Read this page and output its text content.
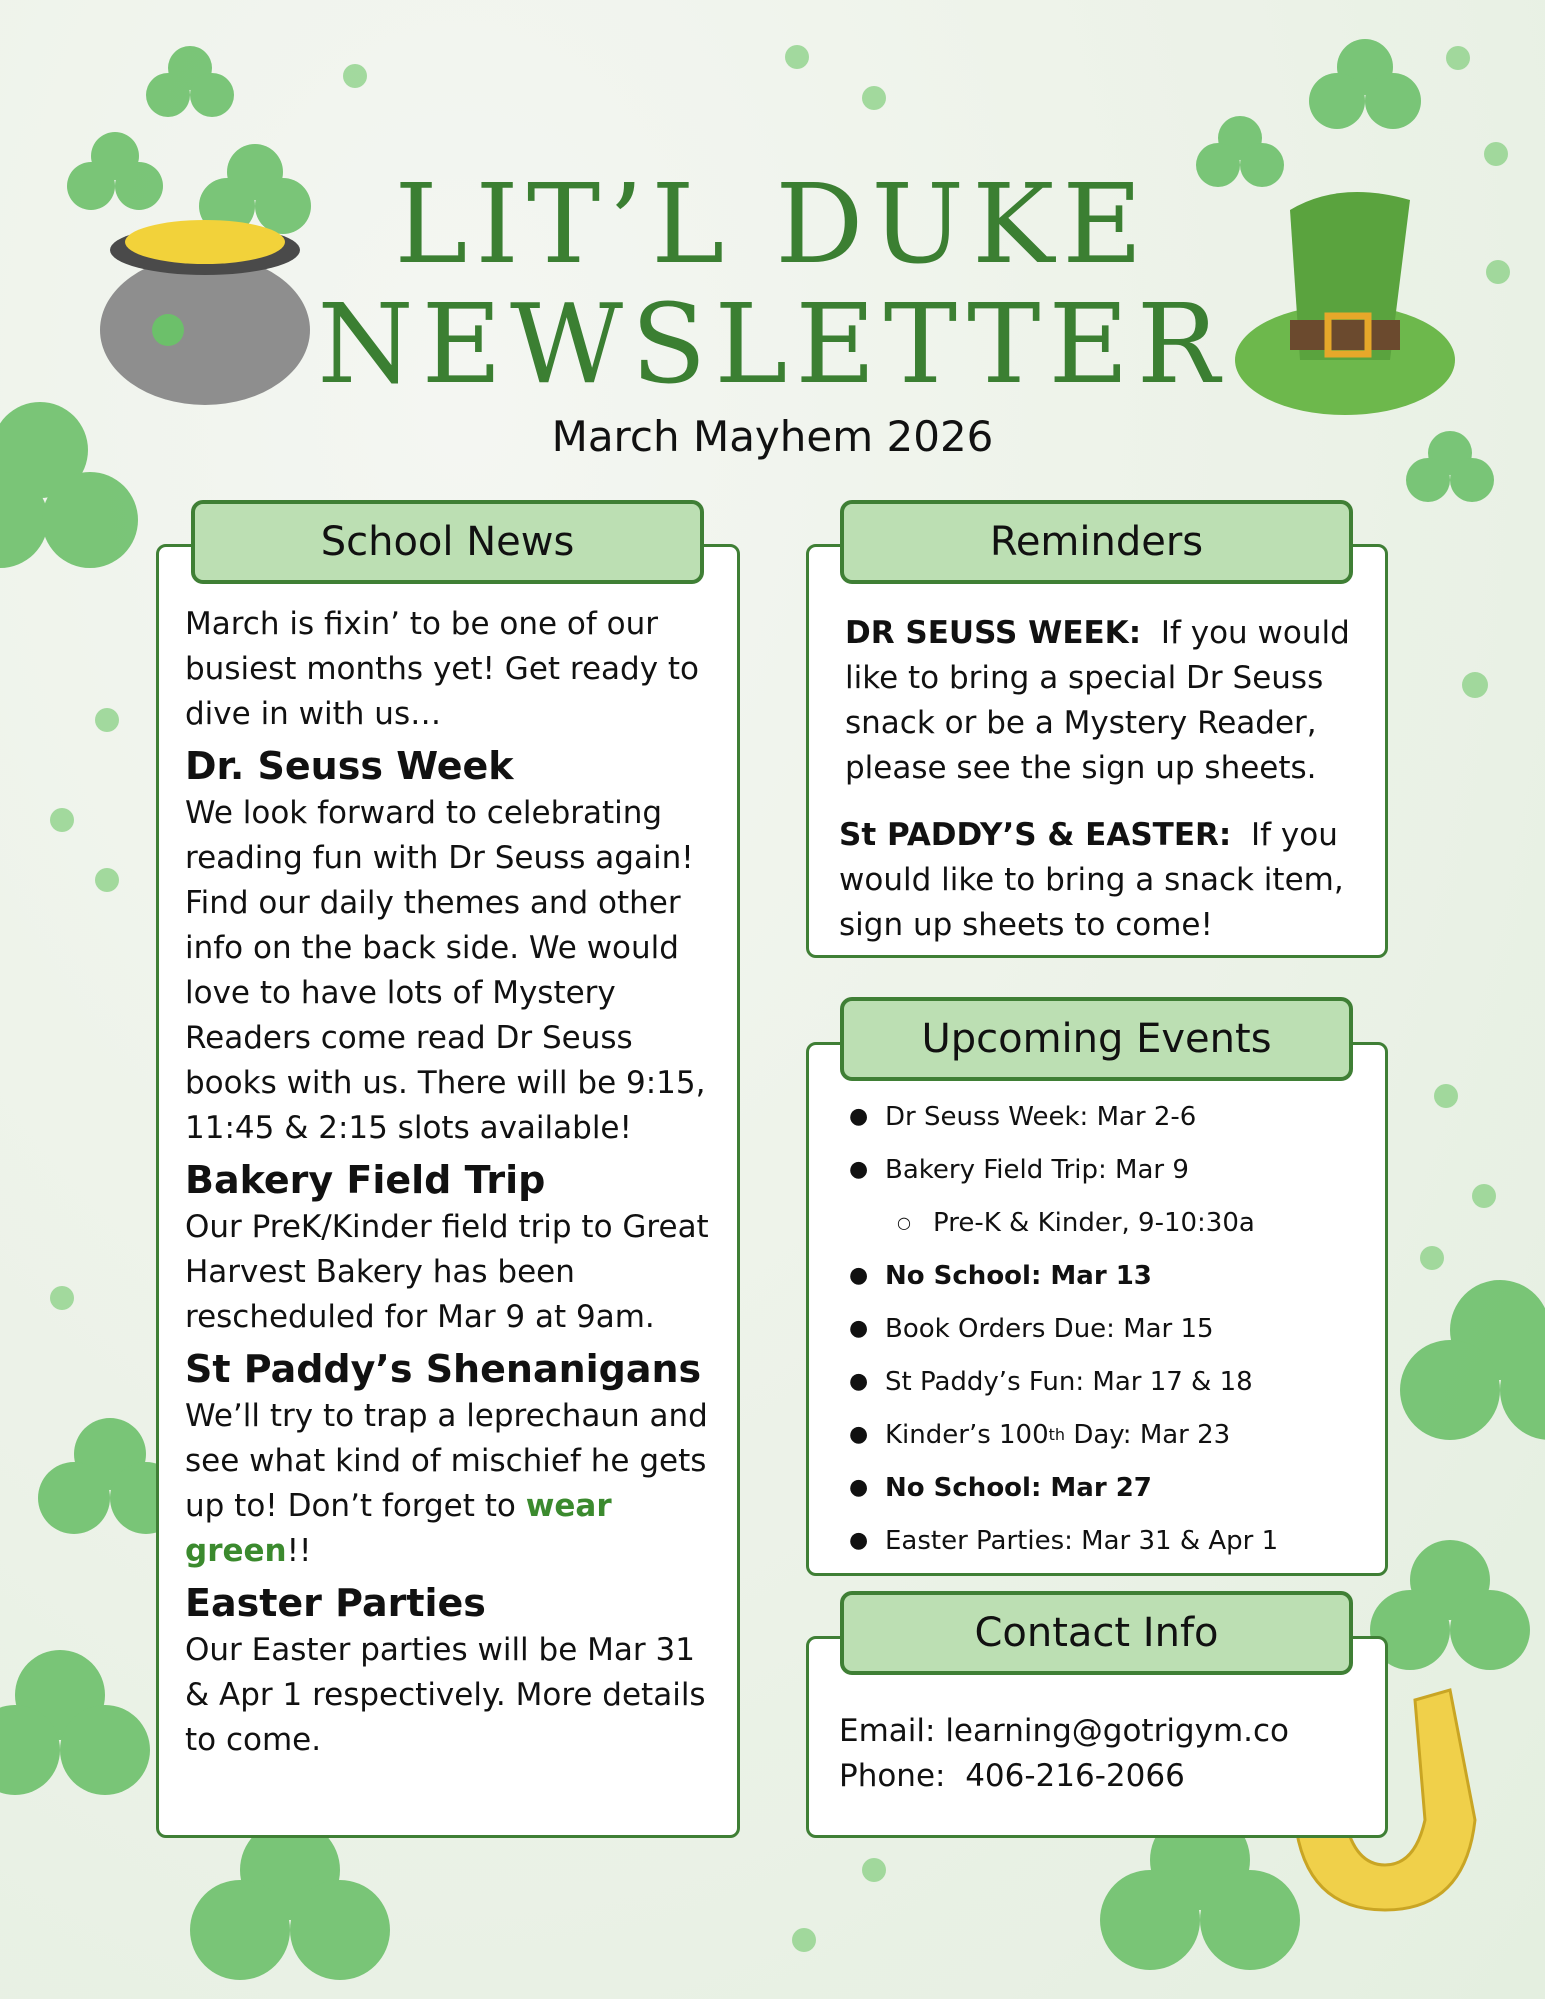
LIT’L DUKE
NEWSLETTER
March Mayhem 2026
March is fixin’ to be one of our busiest months yet! Get ready to dive in with us…
Dr. Seuss Week
We look forward to celebrating reading fun with Dr Seuss again! Find our daily themes and other info on the back side. We would love to have lots of Mystery Readers come read Dr Seuss books with us. There will be 9:15, 11:45 & 2:15 slots available!
Bakery Field Trip
Our PreK/Kinder field trip to Great Harvest Bakery has been rescheduled for Mar 9 at 9am.
St Paddy’s Shenanigans
We’ll try to trap a leprechaun and see what kind of mischief he gets up to! Don’t forget to wear green!!
Easter Parties
Our Easter parties will be Mar 31 & Apr 1 respectively. More details to come.
School News
DR SEUSS WEEK: If you would like to bring a special Dr Seuss snack or be a Mystery Reader, please see the sign up sheets.
St PADDY’S & EASTER: If you would like to bring a snack item, sign up sheets to come!
Reminders
● Dr Seuss Week: Mar 2-6
● Bakery Field Trip: Mar 9
○ Pre-K & Kinder, 9-10:30a
● No School: Mar 13
● Book Orders Due: Mar 15
● St Paddy’s Fun: Mar 17 & 18
● Kinder’s 100 th Day: Mar 23
● No School: Mar 27
● Easter Parties: Mar 31 & Apr 1
Upcoming Events
Email: learning@gotrigym.co
Phone: 406-216-2066
Contact Info
